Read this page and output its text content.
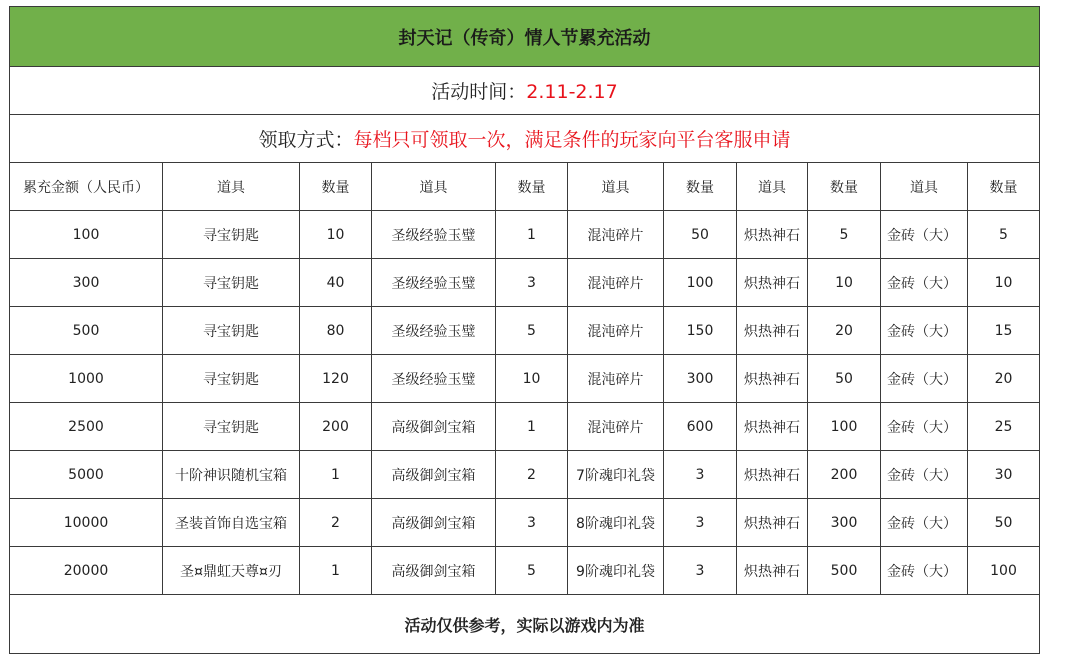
封天记（传奇）情人节累充活动										
活动时间：2.11-2.17										
领取方式：每档只可领取一次，满足条件的玩家向平台客服申请										
累充金额（人民币）	道具	数量	道具	数量	道具	数量	道具	数量	道具	数量
100	寻宝钥匙	10	圣级经验玉璧	1	混沌碎片	50	炽热神石	5	金砖（大）	5
300	寻宝钥匙	40	圣级经验玉璧	3	混沌碎片	100	炽热神石	10	金砖（大）	10
500	寻宝钥匙	80	圣级经验玉璧	5	混沌碎片	150	炽热神石	20	金砖（大）	15
1000	寻宝钥匙	120	圣级经验玉璧	10	混沌碎片	300	炽热神石	50	金砖（大）	20
2500	寻宝钥匙	200	高级御剑宝箱	1	混沌碎片	600	炽热神石	100	金砖（大）	25
5000	十阶神识随机宝箱	1	高级御剑宝箱	2	7阶魂印礼袋	3	炽热神石	200	金砖（大）	30
10000	圣装首饰自选宝箱	2	高级御剑宝箱	3	8阶魂印礼袋	3	炽热神石	300	金砖（大）	50
20000	圣¤鼎虹天尊¤刃	1	高级御剑宝箱	5	9阶魂印礼袋	3	炽热神石	500	金砖（大）	100
活动仅供参考，实际以游戏内为准										
